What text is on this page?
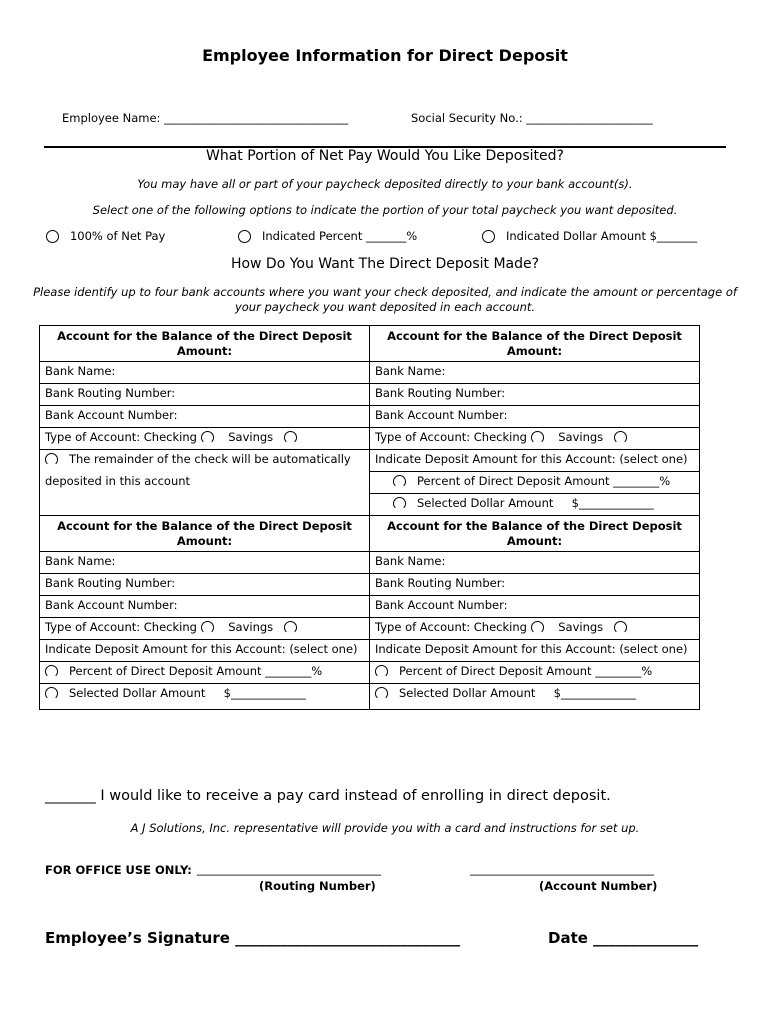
Employee Information for Direct Deposit
Employee Name: ________________________________	Social Security No.: ______________________
What Portion of Net Pay Would You Like Deposited?
You may have all or part of your paycheck deposited directly to your bank account(s).
Select one of the following options to indicate the portion of your total paycheck you want deposited.
100% of Net Pay	Indicated Percent _______%	Indicated Dollar Amount $_______
How Do You Want The Direct Deposit Made?
Please identify up to four bank accounts where you want your check deposited, and indicate the amount or percentage of
your paycheck you want deposited in each account.
Account for the Balance of the Direct Deposit Amount:	Account for the Balance of the Direct Deposit Amount:
Bank Name:	Bank Name:
Bank Routing Number:	Bank Routing Number:
Bank Account Number:	Bank Account Number:
Type of Account: Checking Savings	Type of Account: Checking Savings
The remainder of the check will be automatically	Indicate Deposit Amount for this Account: (select one)
deposited in this account	Percent of Direct Deposit Amount ________%
	Selected Dollar Amount $_____________
Account for the Balance of the Direct Deposit Amount:	Account for the Balance of the Direct Deposit Amount:
Bank Name:	Bank Name:
Bank Routing Number:	Bank Routing Number:
Bank Account Number:	Bank Account Number:
Type of Account: Checking Savings	Type of Account: Checking Savings
Indicate Deposit Amount for this Account: (select one)	Indicate Deposit Amount for this Account: (select one)
Percent of Direct Deposit Amount ________%	Percent of Direct Deposit Amount ________%
Selected Dollar Amount $_____________	Selected Dollar Amount $_____________
_______ I would like to receive a pay card instead of enrolling in direct deposit.
A J Solutions, Inc. representative will provide you with a card and instructions for set up.
FOR OFFICE USE ONLY: ________________________________	________________________________
(Routing Number)	(Account Number)
Employee’s Signature ______________________________	Date ______________
